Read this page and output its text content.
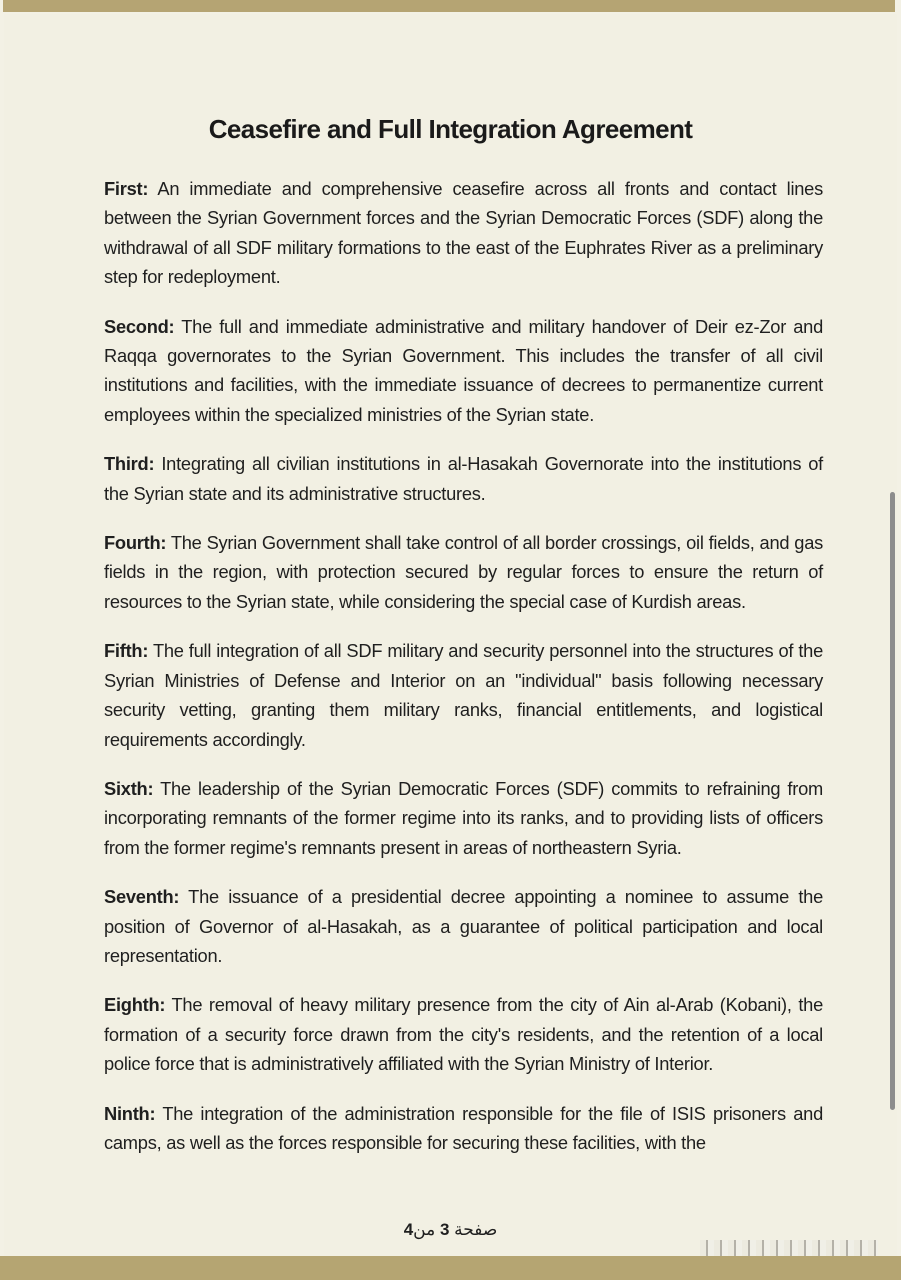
Ceasefire and Full Integration Agreement

First: An immediate and comprehensive ceasefire across all fronts and contact lines between the Syrian Government forces and the Syrian Democratic Forces (SDF) along the withdrawal of all SDF military formations to the east of the Euphrates River as a preliminary step for redeployment.

Second: The full and immediate administrative and military handover of Deir ez-Zor and Raqqa governorates to the Syrian Government. This includes the transfer of all civil institutions and facilities, with the immediate issuance of decrees to permanentize current employees within the specialized ministries of the Syrian state.

Third: Integrating all civilian institutions in al-Hasakah Governorate into the institutions of the Syrian state and its administrative structures.

Fourth: The Syrian Government shall take control of all border crossings, oil fields, and gas fields in the region, with protection secured by regular forces to ensure the return of resources to the Syrian state, while considering the special case of Kurdish areas.

Fifth: The full integration of all SDF military and security personnel into the structures of the Syrian Ministries of Defense and Interior on an "individual" basis following necessary security vetting, granting them military ranks, financial entitlements, and logistical requirements accordingly.

Sixth: The leadership of the Syrian Democratic Forces (SDF) commits to refraining from incorporating remnants of the former regime into its ranks, and to providing lists of officers from the former regime's remnants present in areas of northeastern Syria.

Seventh: The issuance of a presidential decree appointing a nominee to assume the position of Governor of al-Hasakah, as a guarantee of political participation and local representation.

Eighth: The removal of heavy military presence from the city of Ain al-Arab (Kobani), the formation of a security force drawn from the city's residents, and the retention of a local police force that is administratively affiliated with the Syrian Ministry of Interior.

Ninth: The integration of the administration responsible for the file of ISIS prisoners and camps, as well as the forces responsible for securing these facilities, with the

صفحة 3 من4
